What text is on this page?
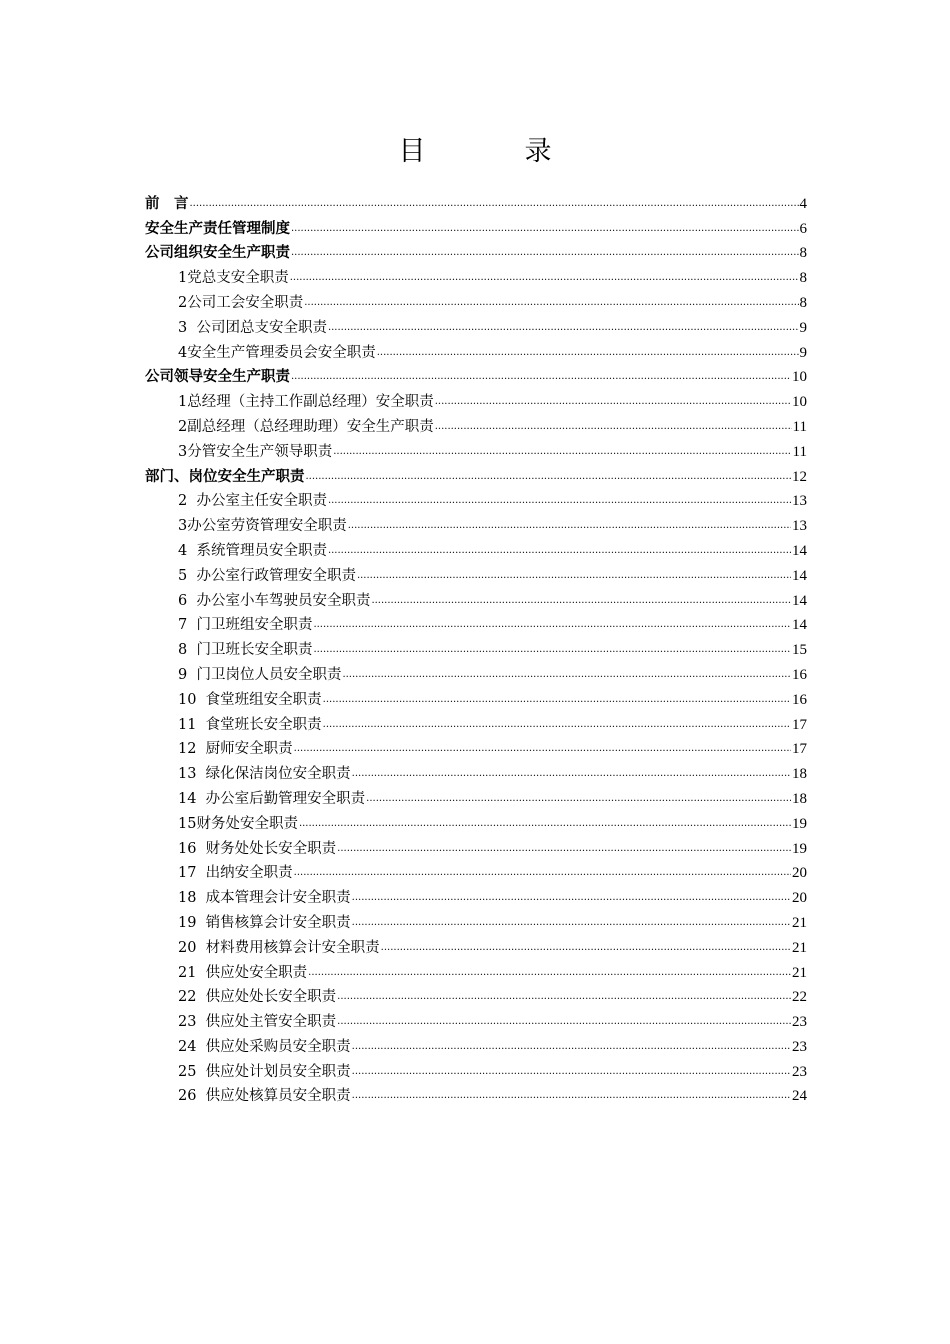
目　录
前　言 .....	4
安全生产责任管理制度 .....	6
公司组织安全生产职责 .....	8
1党总支安全职责 .....	8
2公司工会安全职责 .....	8
3  公司团总支安全职责 .....	9
4安全生产管理委员会安全职责 .....	9
公司领导安全生产职责 .....	10
1总经理（主持工作副总经理）安全职责 .....	10
2副总经理（总经理助理）安全生产职责 .....	11
3分管安全生产领导职责 .....	11
部门、岗位安全生产职责 .....	12
2  办公室主任安全职责 .....	13
3办公室劳资管理安全职责 .....	13
4  系统管理员安全职责 .....	14
5  办公室行政管理安全职责 .....	14
6  办公室小车驾驶员安全职责 .....	14
7  门卫班组安全职责 .....	14
8  门卫班长安全职责 .....	15
9  门卫岗位人员安全职责 .....	16
10  食堂班组安全职责 .....	16
11  食堂班长安全职责 .....	17
12  厨师安全职责 .....	17
13  绿化保洁岗位安全职责 .....	18
14  办公室后勤管理安全职责 .....	18
15财务处安全职责 .....	19
16  财务处处长安全职责 .....	19
17  出纳安全职责 .....	20
18  成本管理会计安全职责 .....	20
19  销售核算会计安全职责 .....	21
20  材料费用核算会计安全职责 .....	21
21  供应处安全职责 .....	21
22  供应处处长安全职责 .....	22
23  供应处主管安全职责 .....	23
24  供应处采购员安全职责 .....	23
25  供应处计划员安全职责 .....	23
26  供应处核算员安全职责 .....	24
